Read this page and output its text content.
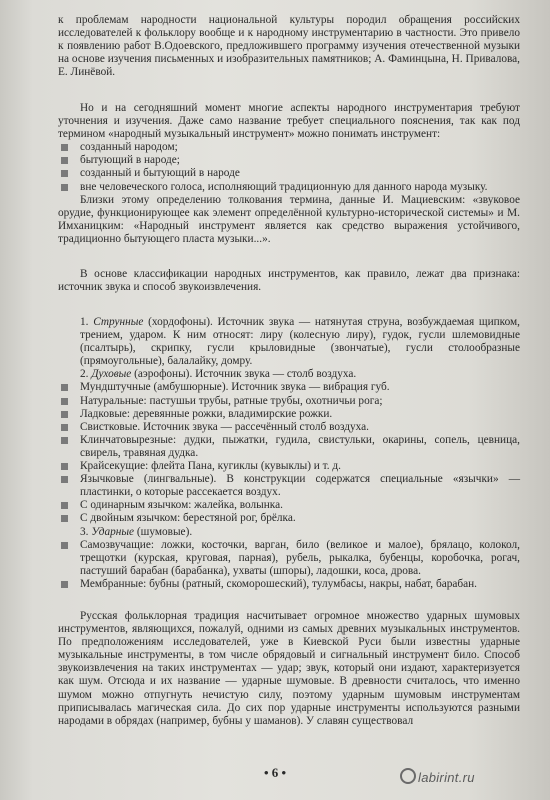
к проблемам народности национальной культуры породил обращения российских исследователей к фольклору вообще и к народному инструментарию в частности. Это привело к появлению работ В.Одоевского, предложившего программу изучения отечественной музыки на основе изучения письменных и изобразительных памятников; А. Фаминцына, Н. Привалова, Е. Линёвой.

Но и на сегодняшний момент многие аспекты народного инструментария требуют уточнения и изучения. Даже само название требует специального пояснения, так как под термином «народный музыкальный инструмент» можно понимать инструмент:

созданный народом;
бытующий в народе;
созданный и бытующий в народе
вне человеческого голоса, исполняющий традиционную для данного народа музыку.

Близки этому определению толкования термина, данные И. Мациевским: «звуковое орудие, функционирующее как элемент определённой культурно-исторической системы» и М. Имханицким: «Народный инструмент является как средство выражения устойчивого, традиционно бытующего пласта музыки...».

В основе классификации народных инструментов, как правило, лежат два признака: источник звука и способ звукоизвлечения.

1. Струнные (хордофоны). Источник звука — натянутая струна, возбуждаемая щипком, трением, ударом. К ним относят: лиру (колесную лиру), гудок, гусли шлемовидные (псалтырь), скрипку, гусли крыловидные (звончатые), гусли столообразные (прямоугольные), балалайку, домру.

2. Духовые (аэрофоны). Источник звука — столб воздуха.

Мундштучные (амбушюрные). Источник звука — вибрация губ.
Натуральные: пастушьи трубы, ратные трубы, охотничьи рога;
Ладковые: деревянные рожки, владимирские рожки.
Свистковые. Источник звука — рассечённый столб воздуха.
Клинчатовырезные: дудки, пыжатки, гудила, свистульки, окарины, сопель, цевница, свирель, тpавяная дудка.
Крайсекущие: флейта Пана, кугиклы (кувыклы) и т. д.
Язычковые (лингвальные). В конструкции содержатся специальные «язычки» — пластинки, о которые рассекается воздух.
С одинарным язычком: жалейка, волынка.
С двойным язычком: берестяной рог, брёлка.

3. Ударные (шумовые).

Самозвучащие: ложки, косточки, варган, било (великое и малое), брялацо, колокол, трещотки (курская, круговая, парная), рубель, рыкалка, бубенцы, коробочка, рогач, пастуший барабан (барабанка), ухваты (шпоры), ладошки, коса, дрова.
Мембранные: бубны (ратный, скоморошеский), тулумбасы, накры, набат, барабан.

Русская фольклорная традиция насчитывает огромное множество ударных шумовых инструментов, являющихся, пожалуй, одними из самых древних музыкальных инструментов. По предположениям исследователей, уже в Киевской Руси были известны ударные музыкальные инструменты, в том числе обрядовый и сигнальный инструмент било. Способ звукоизвлечения на таких инструментах — удар; звук, который они издают, характеризуется как шум. Отсюда и их название — ударные шумовые. В древности считалось, что именно шумом можно отпугнуть нечистую силу, поэтому ударным шумовым инструментам приписывалась магическая сила. До сих пор ударные инструменты используются разными народами в обрядах (например, бубны у шаманов). У славян существовал

• 6 •	labirint.ru
